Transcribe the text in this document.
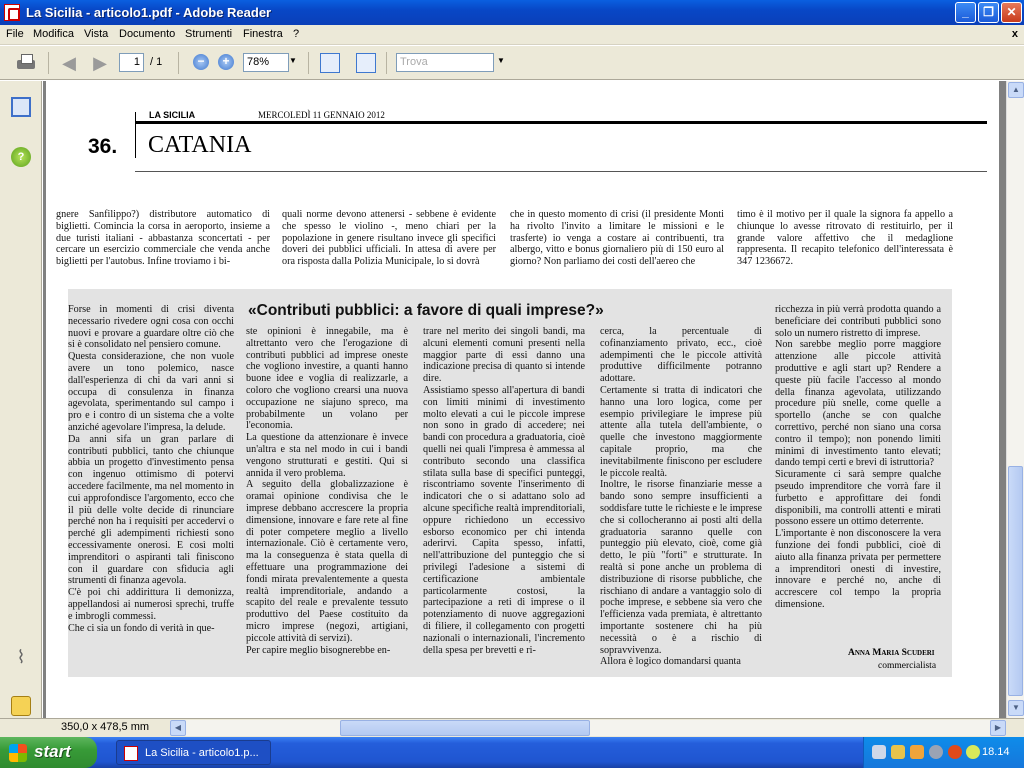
La Sicilia - articolo1.pdf - Adobe Reader	_	❐	✕
File Modifica Vista Documento Strumenti Finestra ?	x
◀ ▶	1 / 1	−	+	78%	▼	Trova	▼
?
⌇
LA SICILIA	MERCOLEDÌ 11 GENNAIO 2012
36. CATANIA
gnere Sanfilippo?) distributore automatico di biglietti. Comincia la corsa in aeroporto, insieme a due turisti italiani - abbastanza sconcertati - per cercare un esercizio commerciale che venda anche biglietti per l'autobus. Infine troviamo i bi-
quali norme devono attenersi - sebbene è evidente che spesso le violino -, meno chiari per la popolazione in genere risultano invece gli specifici doveri dei pubblici ufficiali. In attesa di avere per ora risposta dalla Polizia Municipale, lo si dovrà
che in questo momento di crisi (il presidente Monti ha rivolto l'invito a limitare le missioni e le trasferte) io venga a costare ai contribuenti, tra albergo, vitto e bonus giornaliero più di 150 euro al giorno? Non parliamo dei costi dell'aereo che
timo è il motivo per il quale la signora fa appello a chiunque lo avesse ritrovato di restituirlo, per il grande valore affettivo che il medaglione rappresenta. Il recapito telefonico dell'interessata è 347 1236672.
«Contributi pubblici: a favore di quali imprese?»
Forse in momenti di crisi diventa necessario rivedere ogni cosa con occhi nuovi e provare a guardare oltre ciò che si è consolidato nel pensiero comune.
Questa considerazione, che non vuole avere un tono polemico, nasce dall'esperienza di chi da vari anni si occupa di consulenza in finanza agevolata, sperimentando sul campo i pro e i contro di un sistema che a volte anziché agevolare l'impresa, la delude.
Da anni sifa un gran parlare di contributi pubblici, tanto che chiunque abbia un progetto d'investimento pensa con ingenuo ottimismo di potervi accedere facilmente, ma nel momento in cui approfondisce l'argomento, ecco che il più delle volte decide di rinunciare perché non ha i requisiti per accedervi o perché gli adempimenti richiesti sono eccessivamente onerosi. E così molti imprenditori o aspiranti tali finiscono con il guardare con sfiducia agli strumenti di finanza agevola.
C'è poi chi addirittura li demonizza, appellandosi ai numerosi sprechi, truffe e imbrogli commessi.
Che ci sia un fondo di verità in que-
ste opinioni è innegabile, ma è altrettanto vero che l'erogazione di contributi pubblici ad imprese oneste che vogliono investire, a quanti hanno buone idee e voglia di realizzarle, a coloro che vogliono crearsi una nuova occupazione ne siajuno spreco, ma probabilmente un volano per l'economia.
La questione da attenzionare è invece un'altra e sta nel modo in cui i bandi vengono strutturati e gestiti. Qui si annida il vero problema.
A seguito della globalizzazione è oramai opinione condivisa che le imprese debbano accrescere la propria dimensione, innovare e fare rete al fine di poter competere meglio a livello internazionale. Ciò è certamente vero, ma la conseguenza è stata quella di effettuare una programmazione dei fondi mirata prevalentemente a questa realtà imprenditoriale, andando a scapito del reale e prevalente tessuto produttivo del Paese costituito da micro imprese (negozi, artigiani, piccole attività di servizi).
Per capire meglio bisognerebbe en-
trare nel merito dei singoli bandi, ma alcuni elementi comuni presenti nella maggior parte di essi danno una indicazione precisa di quanto si intende dire.
Assistiamo spesso all'apertura di bandi con limiti minimi di investimento molto elevati a cui le piccole imprese non sono in grado di accedere; nei bandi con procedura a graduatoria, cioè quelli nei quali l'impresa è ammessa al contributo secondo una classifica stilata sulla base di specifici punteggi, riscontriamo sovente l'inserimento di indicatori che o si adattano solo ad alcune specifiche realtà imprenditoriali, oppure richiedono un eccessivo esborso economico per chi intenda aderirvi. Capita spesso, infatti, nell'attribuzione del punteggio che si privilegi l'adesione a sistemi di certificazione ambientale particolarmente costosi, la partecipazione a reti di imprese o il potenziamento di nuove aggregazioni di filiere, il collegamento con progetti nazionali o internazionali, l'incremento della spesa per brevetti e ri-
cerca, la percentuale di cofinanziamento privato, ecc., cioè adempimenti che le piccole attività produttive difficilmente potranno adottare.
Certamente si tratta di indicatori che hanno una loro logica, come per esempio privilegiare le imprese più attente alla tutela dell'ambiente, o quelle che investono maggiormente capitale proprio, ma che inevitabilmente finiscono per escludere le piccole realtà.
Inoltre, le risorse finanziarie messe a bando sono sempre insufficienti a soddisfare tutte le richieste e le imprese che si collocheranno ai posti alti della graduatoria saranno quelle con punteggio più elevato, cioè, come già detto, le più "forti" e strutturate. In realtà si pone anche un problema di distribuzione di risorse pubbliche, che rischiano di andare a vantaggio solo di poche imprese, e sebbene sia vero che l'efficienza vada premiata, è altrettanto importante sostenere chi ha più necessità o è a rischio di sopravvivenza.
Allora è logico domandarsi quanta
ricchezza in più verrà prodotta quando a beneficiare dei contributi pubblici sono solo un numero ristretto di imprese.
Non sarebbe meglio porre maggiore attenzione alle piccole attività produttive e agli start up? Rendere a queste più facile l'accesso al mondo della finanza agevolata, utilizzando procedure più snelle, come quelle a sportello (anche se con qualche correttivo, perché non siano una corsa contro il tempo); non ponendo limiti minimi di investimento tanto elevati; dando tempi certi e brevi di istruttoria?
Sicuramente ci sarà sempre qualche pseudo imprenditore che vorrà fare il furbetto e approfittare dei fondi disponibili, ma controlli attenti e mirati possono essere un ottimo deterrente.
L'importante è non disconoscere la vera funzione dei fondi pubblici, cioè di aiuto alla finanza privata per permettere a imprenditori onesti di investire, innovare e perché no, anche di accrescere col tempo la propria dimensione.
Anna Maria Scuderi
commercialista
▲
▼
350,0 x 478,5 mm	◀	▶
start	La Sicilia - articolo1.p...	18.14
